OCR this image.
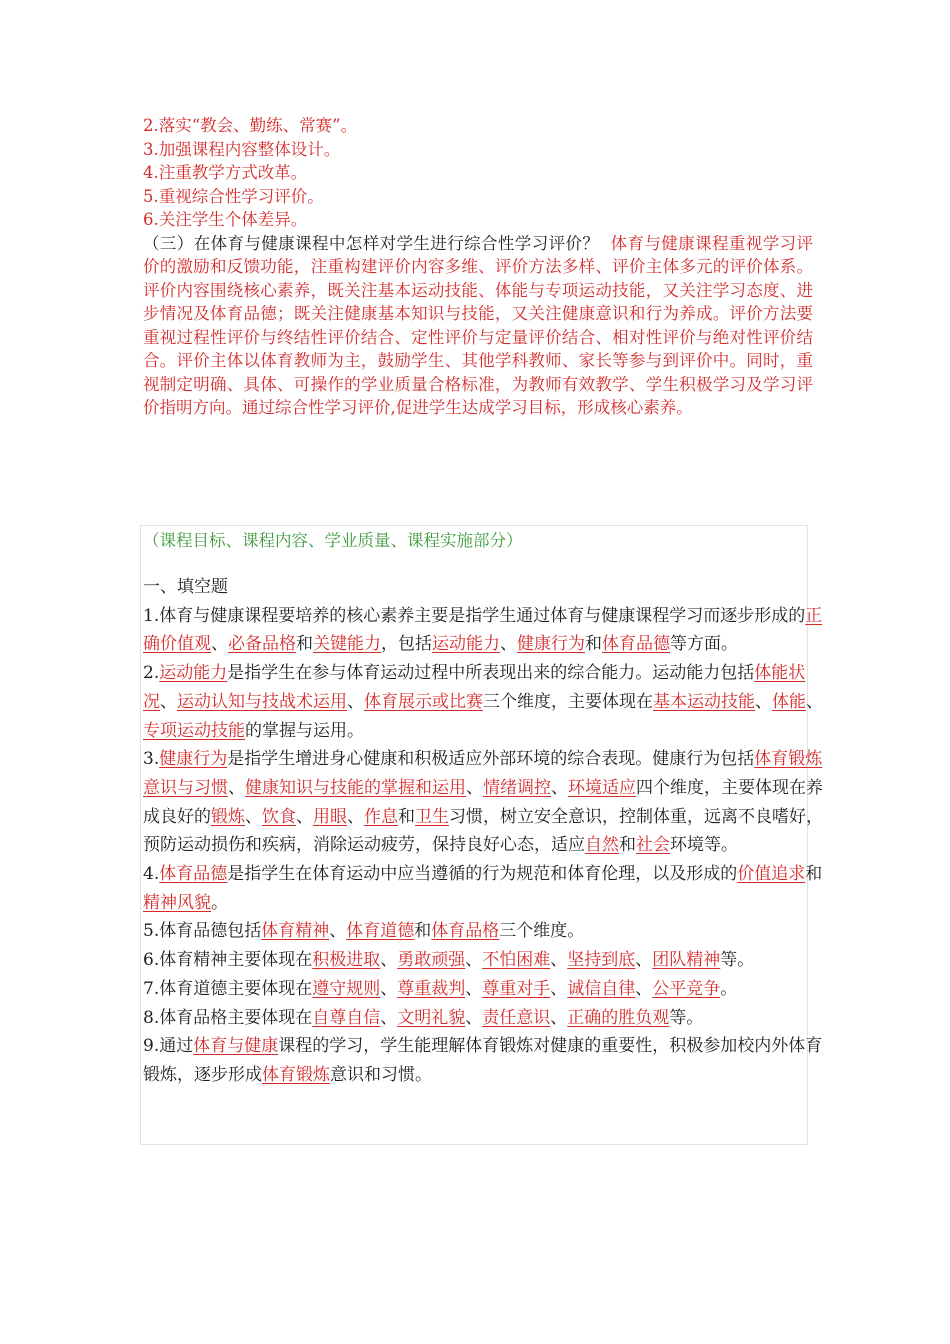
2.落实“教会、勤练、常赛”。
3.加强课程内容整体设计。
4.注重教学方式改革。
5.重视综合性学习评价。
6.关注学生个体差异。

（三）在体育与健康课程中怎样对学生进行综合性学习评价？ 体育与健康课程重视学习评价的激励和反馈功能，注重构建评价内容多维、评价方法多样、评价主体多元的评价体系。评价内容围绕核心素养，既关注基本运动技能、体能与专项运动技能，又关注学习态度、进步情况及体育品德；既关注健康基本知识与技能，又关注健康意识和行为养成。评价方法要重视过程性评价与终结性评价结合、定性评价与定量评价结合、相对性评价与绝对性评价结合。评价主体以体育教师为主，鼓励学生、其他学科教师、家长等参与到评价中。同时，重视制定明确、具体、可操作的学业质量合格标准，为教师有效教学、学生积极学习及学习评价指明方向。通过综合性学习评价,促进学生达成学习目标，形成核心素养。

（课程目标、课程内容、学业质量、课程实施部分）

一、填空题

1.体育与健康课程要培养的核心素养主要是指学生通过体育与健康课程学习而逐步形成的正确价值观、必备品格和关键能力，包括运动能力、健康行为和体育品德等方面。

2.运动能力是指学生在参与体育运动过程中所表现出来的综合能力。运动能力包括体能状况、运动认知与技战术运用、体育展示或比赛三个维度，主要体现在基本运动技能、体能、专项运动技能的掌握与运用。

3.健康行为是指学生增进身心健康和积极适应外部环境的综合表现。健康行为包括体育锻炼意识与习惯、健康知识与技能的掌握和运用、情绪调控、环境适应四个维度，主要体现在养成良好的锻炼、饮食、用眼、作息和卫生习惯，树立安全意识，控制体重，远离不良嗜好，预防运动损伤和疾病，消除运动疲劳，保持良好心态，适应自然和社会环境等。

4.体育品德是指学生在体育运动中应当遵循的行为规范和体育伦理，以及形成的价值追求和精神风貌。

5.体育品德包括体育精神、体育道德和体育品格三个维度。

6.体育精神主要体现在积极进取、勇敢顽强、不怕困难、坚持到底、团队精神等。

7.体育道德主要体现在遵守规则、尊重裁判、尊重对手、诚信自律、公平竞争。

8.体育品格主要体现在自尊自信、文明礼貌、责任意识、正确的胜负观等。

9.通过体育与健康课程的学习，学生能理解体育锻炼对健康的重要性，积极参加校内外体育锻炼，逐步形成体育锻炼意识和习惯。
